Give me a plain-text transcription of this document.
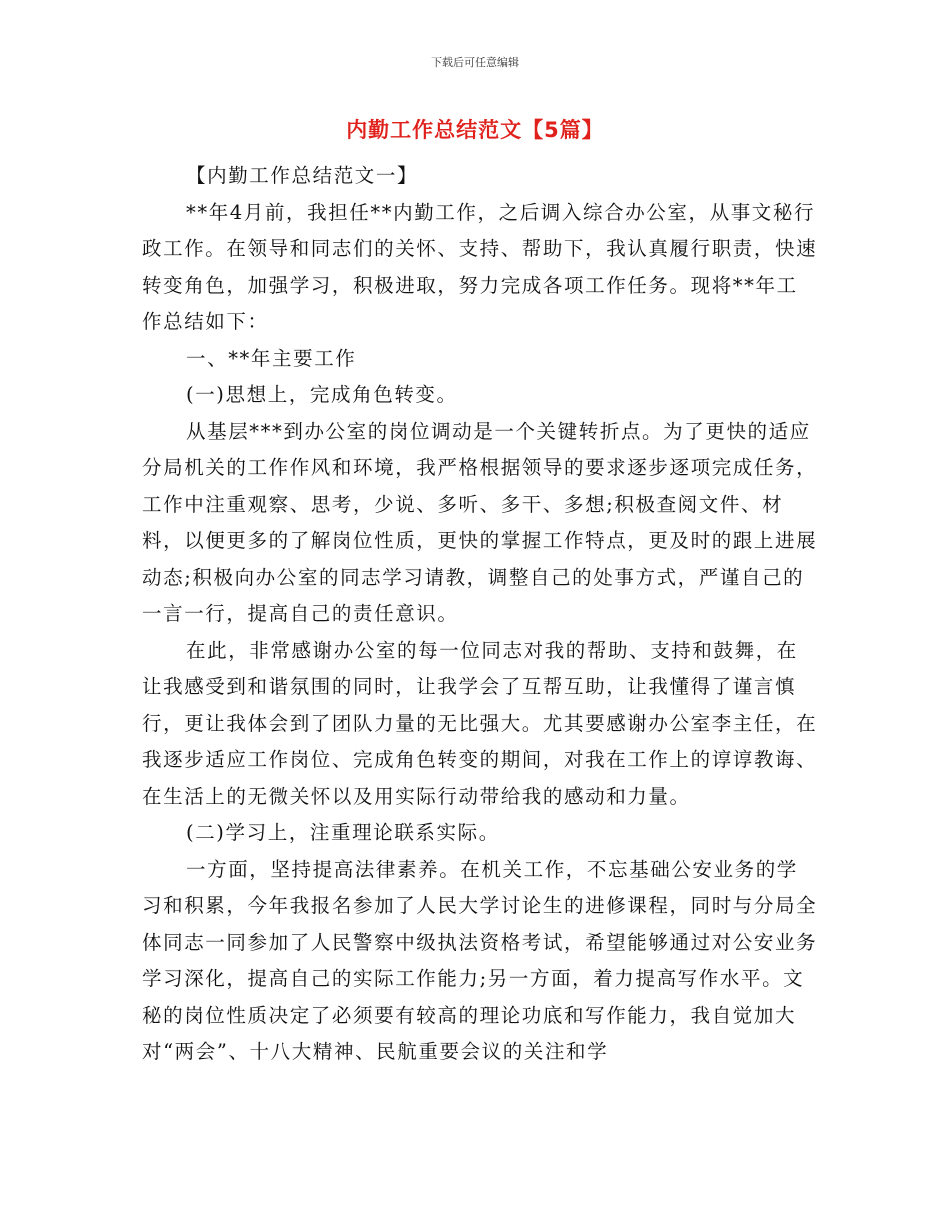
下载后可任意编辑
内勤工作总结范文【5篇】

【内勤工作总结范文一】

**年4月前，我担任**内勤工作，之后调入综合办公室，从事文秘行政工作。在领导和同志们的关怀、支持、帮助下，我认真履行职责，快速转变角色，加强学习，积极进取，努力完成各项工作任务。现将**年工作总结如下：

一、**年主要工作

(一)思想上，完成角色转变。

从基层***到办公室的岗位调动是一个关键转折点。为了更快的适应分局机关的工作作风和环境，我严格根据领导的要求逐步逐项完成任务，工作中注重观察、思考，少说、多听、多干、多想;积极查阅文件、材料，以便更多的了解岗位性质，更快的掌握工作特点，更及时的跟上进展动态;积极向办公室的同志学习请教，调整自己的处事方式，严谨自己的一言一行，提高自己的责任意识。

在此，非常感谢办公室的每一位同志对我的帮助、支持和鼓舞，在让我感受到和谐氛围的同时，让我学会了互帮互助，让我懂得了谨言慎行，更让我体会到了团队力量的无比强大。尤其要感谢办公室李主任，在我逐步适应工作岗位、完成角色转变的期间，对我在工作上的谆谆教诲、在生活上的无微关怀以及用实际行动带给我的感动和力量。

(二)学习上，注重理论联系实际。

一方面，坚持提高法律素养。在机关工作，不忘基础公安业务的学习和积累，今年我报名参加了人民大学讨论生的进修课程，同时与分局全体同志一同参加了人民警察中级执法资格考试，希望能够通过对公安业务学习深化，提高自己的实际工作能力;另一方面，着力提高写作水平。文秘的岗位性质决定了必须要有较高的理论功底和写作能力，我自觉加大对“两会”、十八大精神、民航重要会议的关注和学
